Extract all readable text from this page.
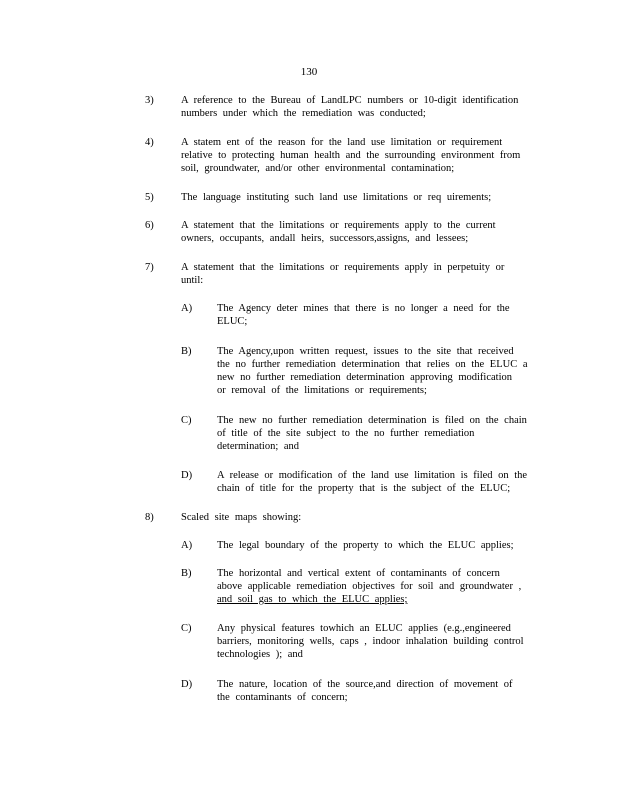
130
3)	A reference to the Bureau of LandLPC numbers or 10-digit identification
numbers under which the remediation was conducted;
4)	A statem ent of the reason for the land use limitation or requirement
relative to protecting human health and the surrounding environment from
soil, groundwater, and/or other environmental contamination;
5)	The language instituting such land use limitations or req uirements;
6)	A statement that the limitations or requirements apply to the current
owners, occupants, andall heirs, successors,assigns, and lessees;
7)	A statement that the limitations or requirements apply in perpetuity or
until:
A) The Agency deter mines that there is no longer a need for the
ELUC;
B) The Agency,upon written request, issues to the site that received
the no further remediation determination that relies on the ELUC a
new no further remediation determination approving modification
or removal of the limitations or requirements;
C) The new no further remediation determination is filed on the chain
of title of the site subject to the no further remediation
determination; and
D) A release or modification of the land use limitation is filed on the
chain of title for the property that is the subject of the ELUC;
8)	Scaled site maps showing:
A) The legal boundary of the property to which the ELUC applies;
B) The horizontal and vertical extent of contaminants of concern
above applicable remediation objectives for soil and groundwater ,
and soil gas to which the ELUC applies;
C) Any physical features towhich an ELUC applies (e.g.,engineered
barriers, monitoring wells, caps , indoor inhalation building control
technologies ); and
D) The nature, location of the source,and direction of movement of
the contaminants of concern;
